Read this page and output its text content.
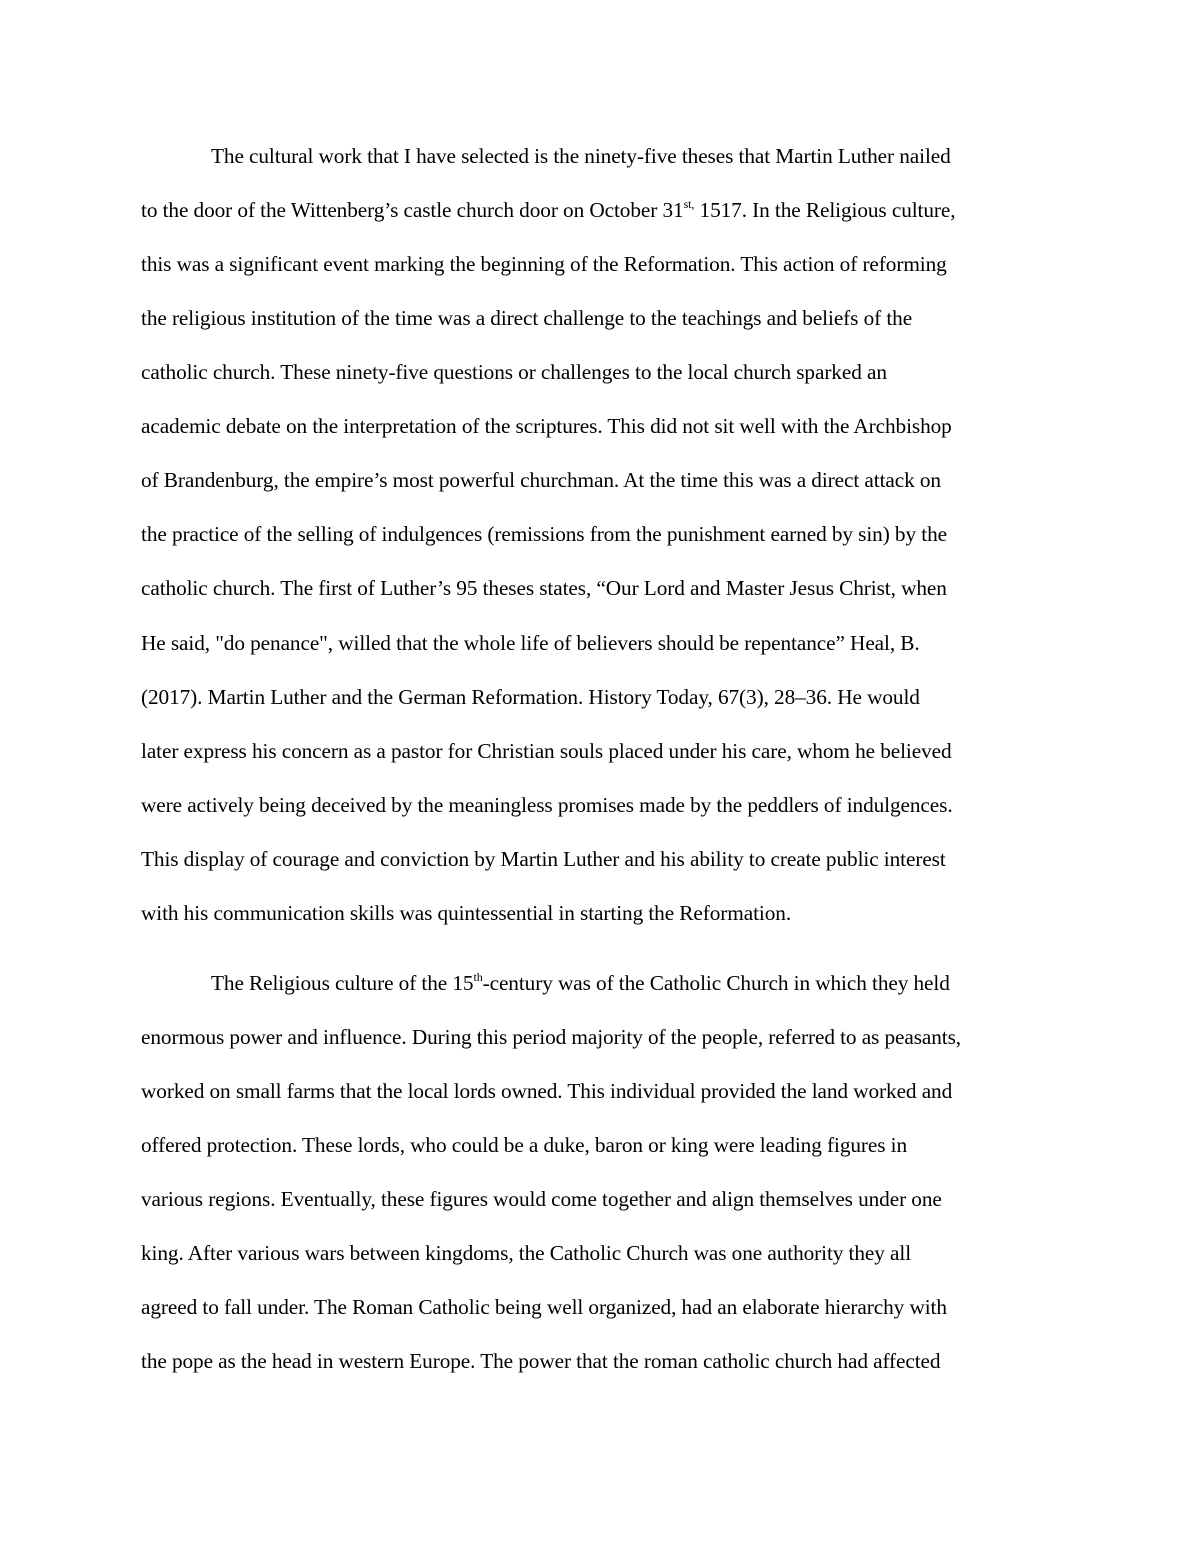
The cultural work that I have selected is the ninety-five theses that Martin Luther nailed
to the door of the Wittenberg’s castle church door on October $31^{st,}$ 1517. In the Religious culture,
this was a significant event marking the beginning of the Reformation. This action of reforming
the religious institution of the time was a direct challenge to the teachings and beliefs of the
catholic church. These ninety-five questions or challenges to the local church sparked an
academic debate on the interpretation of the scriptures. This did not sit well with the Archbishop
of Brandenburg, the empire’s most powerful churchman. At the time this was a direct attack on
the practice of the selling of indulgences (remissions from the punishment earned by sin) by the
catholic church. The first of Luther’s 95 theses states, “Our Lord and Master Jesus Christ, when
He said, "do penance", willed that the whole life of believers should be repentance” Heal, B.
(2017). Martin Luther and the German Reformation. History Today, 67(3), 28–36. He would
later express his concern as a pastor for Christian souls placed under his care, whom he believed
were actively being deceived by the meaningless promises made by the peddlers of indulgences.
This display of courage and conviction by Martin Luther and his ability to create public interest
with his communication skills was quintessential in starting the Reformation.
The Religious culture of the 15th-century was of the Catholic Church in which they held
enormous power and influence. During this period majority of the people, referred to as peasants,
worked on small farms that the local lords owned. This individual provided the land worked and
offered protection. These lords, who could be a duke, baron or king were leading figures in
various regions. Eventually, these figures would come together and align themselves under one
king. After various wars between kingdoms, the Catholic Church was one authority they all
agreed to fall under. The Roman Catholic being well organized, had an elaborate hierarchy with
the pope as the head in western Europe. The power that the roman catholic church had affected
